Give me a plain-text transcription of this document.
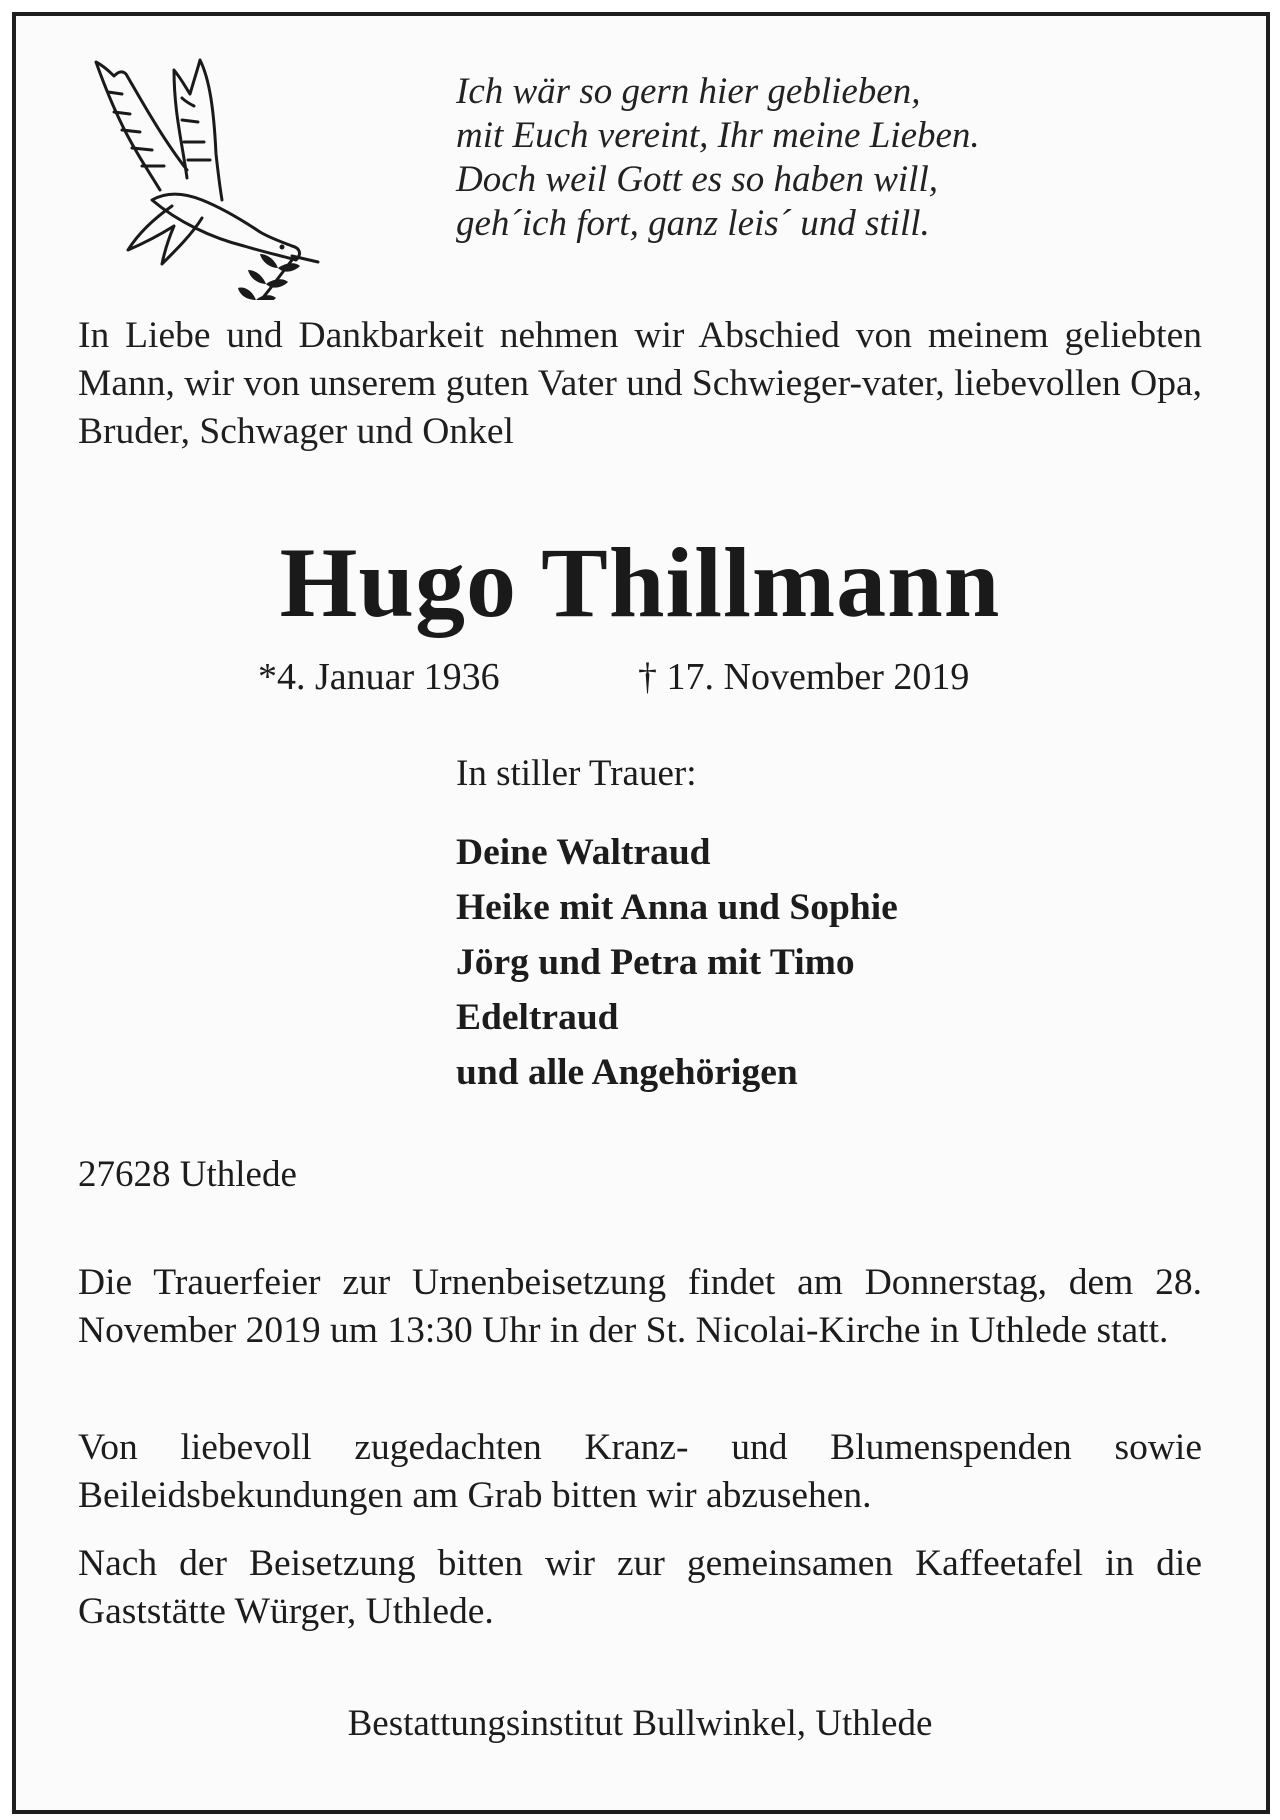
Ich wär so gern hier geblieben,
mit Euch vereint, Ihr meine Lieben.
Doch weil Gott es so haben will,
geh´ich fort, ganz leis´ und still.
In Liebe und Dankbarkeit nehmen wir Abschied von meinem geliebten Mann, wir von unserem guten Vater und Schwieger-vater, liebevollen Opa, Bruder, Schwager und Onkel
Hugo Thillmann
*4. Januar 1936	† 17. November 2019
In stiller Trauer:
Deine Waltraud
Heike mit Anna und Sophie
Jörg und Petra mit Timo
Edeltraud
und alle Angehörigen
27628 Uthlede
Die Trauerfeier zur Urnenbeisetzung findet am Donnerstag, dem 28. November 2019 um 13:30 Uhr in der St. Nicolai-Kirche in Uthlede statt.
Von liebevoll zugedachten Kranz- und Blumenspenden sowie Beileidsbekundungen am Grab bitten wir abzusehen.
Nach der Beisetzung bitten wir zur gemeinsamen Kaffeetafel in die Gaststätte Würger, Uthlede.
Bestattungsinstitut Bullwinkel, Uthlede
